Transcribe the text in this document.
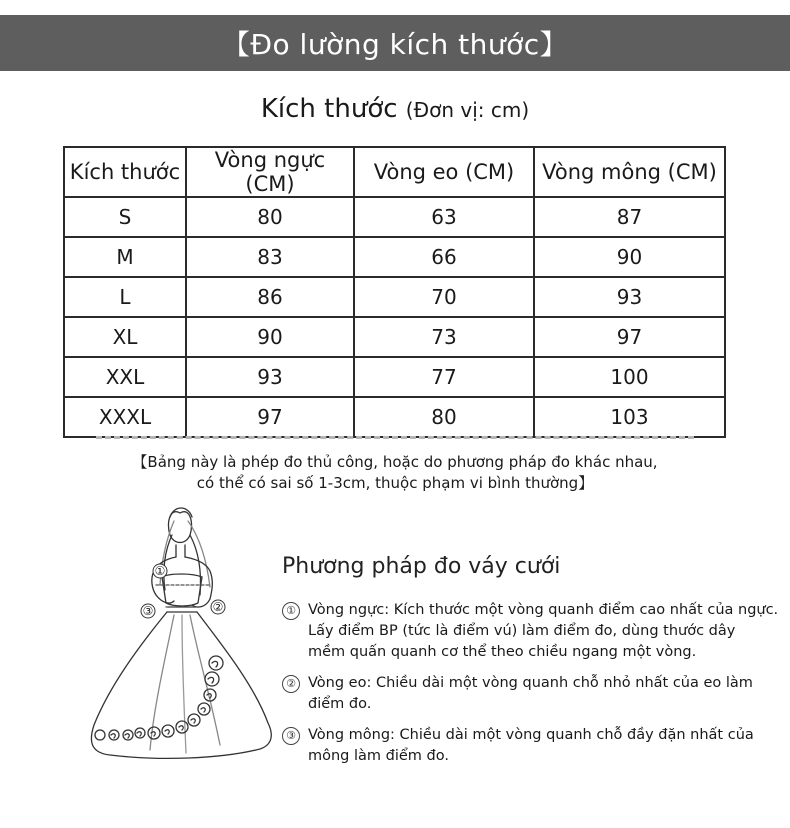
【Đo lường kích thước】
Kích thước (Đơn vị: cm)
Kích thước	Vòng ngực (CM)	Vòng eo (CM)	Vòng mông (CM)
S	80	63	87
M	83	66	90
L	86	70	93
XL	90	73	97
XXL	93	77	100
XXXL	97	80	103
【Bảng này là phép đo thủ công, hoặc do phương pháp đo khác nhau,
có thể có sai số 1-3cm, thuộc phạm vi bình thường】
①
②
③
Phương pháp đo váy cưới
① Vòng ngực: Kích thước một vòng quanh điểm cao nhất của ngực.
Lấy điểm BP (tức là điểm vú) làm điểm đo, dùng thước dây
mềm quấn quanh cơ thể theo chiều ngang một vòng.
② Vòng eo: Chiều dài một vòng quanh chỗ nhỏ nhất của eo làm điểm đo.
③ Vòng mông: Chiều dài một vòng quanh chỗ đầy đặn nhất của
mông làm điểm đo.
